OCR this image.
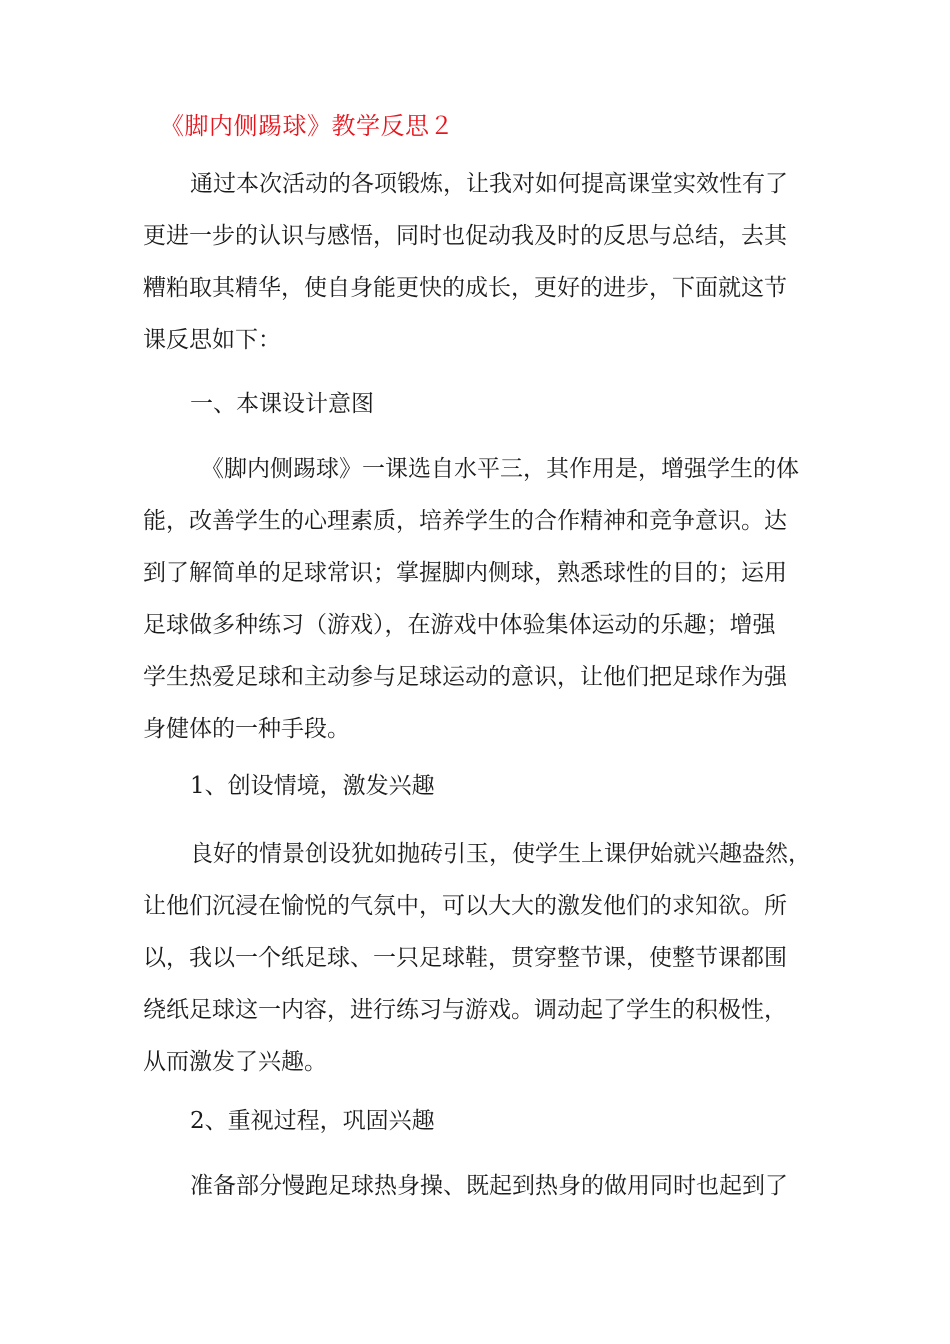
《脚内侧踢球》教学反思２
通过本次活动的各项锻炼，让我对如何提高课堂实效性有了
更进一步的认识与感悟，同时也促动我及时的反思与总结，去其
糟粕取其精华，使自身能更快的成长，更好的进步，下面就这节
课反思如下：
一、本课设计意图
《脚内侧踢球》一课选自水平三，其作用是，增强学生的体
能，改善学生的心理素质，培养学生的合作精神和竞争意识。达
到了解简单的足球常识；掌握脚内侧球，熟悉球性的目的；运用
足球做多种练习（游戏），在游戏中体验集体运动的乐趣；增强
学生热爱足球和主动参与足球运动的意识，让他们把足球作为强
身健体的一种手段。
1、创设情境，激发兴趣
良好的情景创设犹如抛砖引玉，使学生上课伊始就兴趣盎然，
让他们沉浸在愉悦的气氛中，可以大大的激发他们的求知欲。所
以，我以一个纸足球、一只足球鞋，贯穿整节课，使整节课都围
绕纸足球这一内容，进行练习与游戏。调动起了学生的积极性，
从而激发了兴趣。
2、重视过程，巩固兴趣
准备部分慢跑足球热身操、既起到热身的做用同时也起到了
